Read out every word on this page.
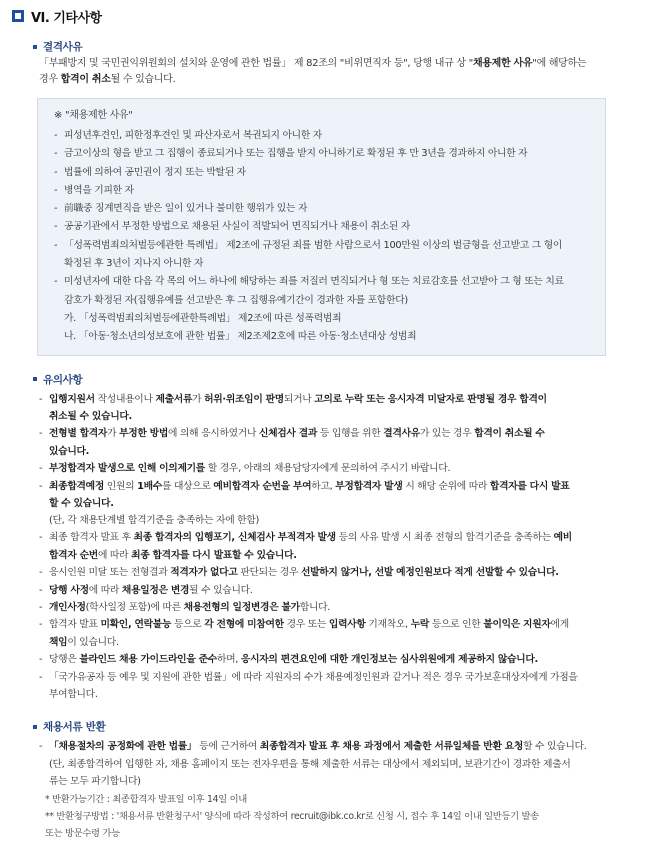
VI. 기타사항
결격사유
「부패방지 및 국민권익위원회의 설치와 운영에 관한 법률」 제 82조의 "비위면직자 등", 당행 내규 상 "채용제한 사유"에 해당하는
경우 합격이 취소될 수 있습니다.
※ "채용제한 사유"
- 피성년후견인, 피한정후견인 및 파산자로서 복권되지 아니한 자
- 금고이상의 형을 받고 그 집행이 종료되거나 또는 집행을 받지 아니하기로 확정된 후 만 3년을 경과하지 아니한 자
- 법률에 의하여 공민권이 정지 또는 박탈된 자
- 병역을 기피한 자
- 前職중 징계면직을 받은 일이 있거나 불미한 행위가 있는 자
- 공공기관에서 부정한 방법으로 채용된 사실이 적발되어 면직되거나 채용이 취소된 자
- 「성폭력범죄의처벌등에관한 특례법」 제2조에 규정된 죄를 범한 사람으로서 100만원 이상의 벌금형을 선고받고 그 형이
확정된 후 3년이 지나지 아니한 자
- 미성년자에 대한 다음 각 목의 어느 하나에 해당하는 죄를 저질러 면직되거나 형 또는 치료감호를 선고받아 그 형 또는 치료
감호가 확정된 자(집행유예를 선고받은 후 그 집행유예기간이 경과한 자를 포함한다)
가. 「성폭력범죄의처벌등에관한특례법」 제2조에 따른 성폭력범죄
나. 「아동·청소년의성보호에 관한 법률」 제2조제2호에 따른 아동·청소년대상 성범죄
유의사항
- 입행지원서 작성내용이나 제출서류가 허위·위조임이 판명되거나 고의로 누락 또는 응시자격 미달자로 판명될 경우 합격이
취소될 수 있습니다.
- 전형별 합격자가 부정한 방법에 의해 응시하였거나 신체검사 결과 등 입행을 위한 결격사유가 있는 경우 합격이 취소될 수
있습니다.
- 부정합격자 발생으로 인해 이의제기를 할 경우, 아래의 채용담당자에게 문의하여 주시기 바랍니다.
- 최종합격예정 인원의 1배수를 대상으로 예비합격자 순번을 부여하고, 부정합격자 발생 시 해당 순위에 따라 합격자를 다시 발표
할 수 있습니다.
(단, 각 채용단계별 합격기준을 충족하는 자에 한함)
- 최종 합격자 발표 후 최종 합격자의 입행포기, 신체검사 부적격자 발생 등의 사유 발생 시 최종 전형의 합격기준을 충족하는 예비
합격자 순번에 따라 최종 합격자를 다시 발표할 수 있습니다.
- 응시인원 미달 또는 전형결과 적격자가 없다고 판단되는 경우 선발하지 않거나, 선발 예정인원보다 적게 선발할 수 있습니다.
- 당행 사정에 따라 채용일정은 변경될 수 있습니다.
- 개인사정(학사일정 포함)에 따른 채용전형의 일정변경은 불가합니다.
- 합격자 발표 미확인, 연락불능 등으로 각 전형에 미참여한 경우 또는 입력사항 기재착오, 누락 등으로 인한 불이익은 지원자에게
책임이 있습니다.
- 당행은 블라인드 채용 가이드라인을 준수하며, 응시자의 편견요인에 대한 개인정보는 심사위원에게 제공하지 않습니다.
- 「국가유공자 등 예우 및 지원에 관한 법률」에 따라 지원자의 수가 채용예정인원과 같거나 적은 경우 국가보훈대상자에게 가점을
부여합니다.
채용서류 반환
- 「채용절차의 공정화에 관한 법률」 등에 근거하여 최종합격자 발표 후 채용 과정에서 제출한 서류일체를 반환 요청할 수 있습니다.
(단, 최종합격하여 입행한 자, 채용 홈페이지 또는 전자우편을 통해 제출한 서류는 대상에서 제외되며, 보관기간이 경과한 제출서
류는 모두 파기합니다)
* 반환가능기간 : 최종합격자 발표일 이후 14일 이내
** 반환청구방법 : '채용서류 반환청구서' 양식에 따라 작성하여 recruit@ibk.co.kr로 신청 시, 접수 후 14일 이내 일반등기 발송
또는 방문수령 가능
